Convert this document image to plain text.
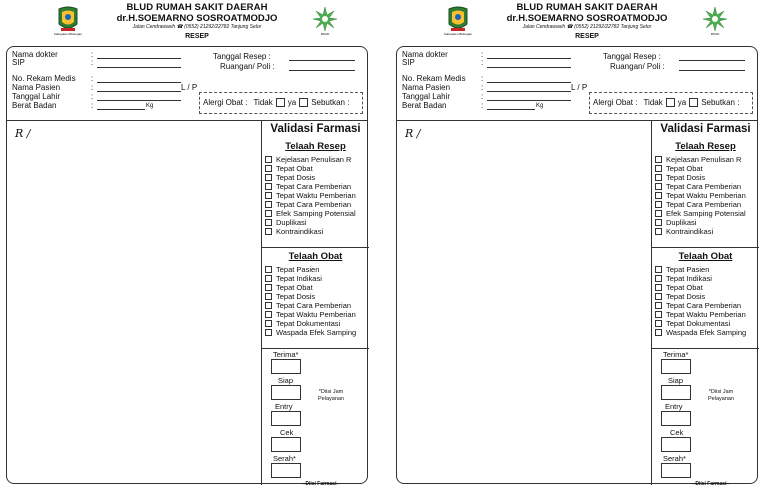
Kabupaten Bulungan
BLUD RUMAH SAKIT DAERAH
dr.H.SOEMARNO SOSROATMODJO
Jalan Cendrawasih ☎ (0552) 21292/22782 Tanjung Selor
RESEP	RSUD
Nama dokter	:
SIP	:
Tanggal Resep :
Ruangan/ Poli :
No. Rekam Medis :
Nama Pasien	:	L / P
Tanggal Lahir	:
Berat Badan	:	Kg	Alergi Obat : Tidak ya Sebutkan :
R /	Validasi Farmasi
Telaah Resep
Kejelasan Penulisan R
Tepat Obat
Tepat Dosis
Tepat Cara Pemberian
Tepat Waktu Pemberian
Tepat Cara Pemberian
Efek Samping Potensial
Duplikasi
Kontraindikasi
Telaah Obat
Tepat Pasien
Tepat Indikasi
Tepat Obat
Tepat Dosis
Tepat Cara Pemberian
Tepat Waktu Pemberian
Tepat Dokumentasi
Waspada Efek Samping
Terima*
Siap
Entry
Cek
Serah*
*Diisi Jam
Pelayanan
--Diisi Farmasi--
Kabupaten Bulungan
BLUD RUMAH SAKIT DAERAH
dr.H.SOEMARNO SOSROATMODJO
Jalan Cendrawasih ☎ (0552) 21292/22782 Tanjung Selor
RESEP	RSUD
Nama dokter	:
SIP	:
Tanggal Resep :
Ruangan/ Poli :
No. Rekam Medis :
Nama Pasien	:	L / P
Tanggal Lahir	:
Berat Badan	:	Kg	Alergi Obat : Tidak ya Sebutkan :
R /	Validasi Farmasi
Telaah Resep
Kejelasan Penulisan R
Tepat Obat
Tepat Dosis
Tepat Cara Pemberian
Tepat Waktu Pemberian
Tepat Cara Pemberian
Efek Samping Potensial
Duplikasi
Kontraindikasi
Telaah Obat
Tepat Pasien
Tepat Indikasi
Tepat Obat
Tepat Dosis
Tepat Cara Pemberian
Tepat Waktu Pemberian
Tepat Dokumentasi
Waspada Efek Samping
Terima*
Siap
Entry
Cek
Serah*
*Diisi Jam
Pelayanan
--Diisi Farmasi--
